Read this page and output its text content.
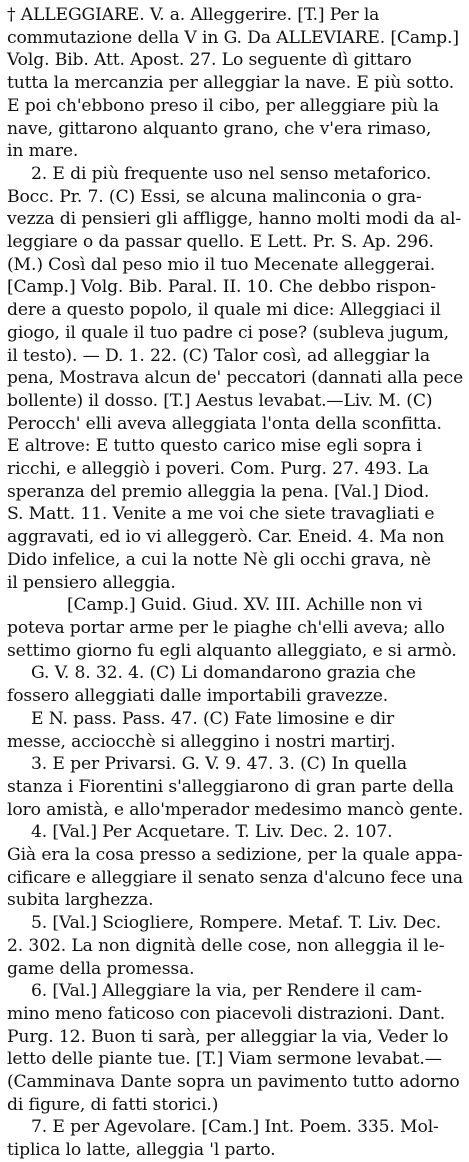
† ALLEGGIARE. V. a. Alleggerire. [T.] Per la
commutazione della V in G. Da ALLEVIARE. [Camp.]
Volg. Bib. Att. Apost. 27. Lo seguente dì gittaro
tutta la mercanzia per alleggiar la nave. E più sotto.
E poi ch'ebbono preso il cibo, per alleggiare più la
nave, gittarono alquanto grano, che v'era rimaso,
in mare.
2. E di più frequente uso nel senso metaforico.
Bocc. Pr. 7. (C) Essi, se alcuna malinconia o gra-
vezza di pensieri gli affligge, hanno molti modi da al-
leggiare o da passar quello. E Lett. Pr. S. Ap. 296.
(M.) Così dal peso mio il tuo Mecenate alleggerai.
[Camp.] Volg. Bib. Paral. II. 10. Che debbo rispon-
dere a questo popolo, il quale mi dice: Alleggiaci il
giogo, il quale il tuo padre ci pose? (subleva jugum,
il testo). — D. 1. 22. (C) Talor così, ad alleggiar la
pena, Mostrava alcun de' peccatori (dannati alla pece
bollente) il dosso. [T.] Aestus levabat.—Liv. M. (C)
Perocch' elli aveva alleggiata l'onta della sconfitta.
E altrove: E tutto questo carico mise egli sopra i
ricchi, e alleggiò i poveri. Com. Purg. 27. 493. La
speranza del premio alleggia la pena. [Val.] Diod.
S. Matt. 11. Venite a me voi che siete travagliati e
aggravati, ed io vi alleggerò. Car. Eneid. 4. Ma non
Dido infelice, a cui la notte Nè gli occhi grava, nè
il pensiero alleggia.
[Camp.] Guid. Giud. XV. III. Achille non vi
poteva portar arme per le piaghe ch'elli aveva; allo
settimo giorno fu egli alquanto alleggiato, e si armò.
G. V. 8. 32. 4. (C) Li domandarono grazia che
fossero alleggiati dalle importabili gravezze.
E N. pass. Pass. 47. (C) Fate limosine e dir
messe, acciocchè si alleggino i nostri martirj.
3. E per Privarsi. G. V. 9. 47. 3. (C) In quella
stanza i Fiorentini s'alleggiarono di gran parte della
loro amistà, e allo'mperador medesimo mancò gente.
4. [Val.] Per Acquetare. T. Liv. Dec. 2. 107.
Già era la cosa presso a sedizione, per la quale appa-
cificare e alleggiare il senato senza d'alcuno fece una
subita larghezza.
5. [Val.] Sciogliere, Rompere. Metaf. T. Liv. Dec.
2. 302. La non dignità delle cose, non alleggia il le-
game della promessa.
6. [Val.] Alleggiare la via, per Rendere il cam-
mino meno faticoso con piacevoli distrazioni. Dant.
Purg. 12. Buon ti sarà, per alleggiar la via, Veder lo
letto delle piante tue. [T.] Viam sermone levabat.—
(Camminava Dante sopra un pavimento tutto adorno
di figure, di fatti storici.)
7. E per Agevolare. [Cam.] Int. Poem. 335. Mol-
tiplica lo latte, alleggia 'l parto.
